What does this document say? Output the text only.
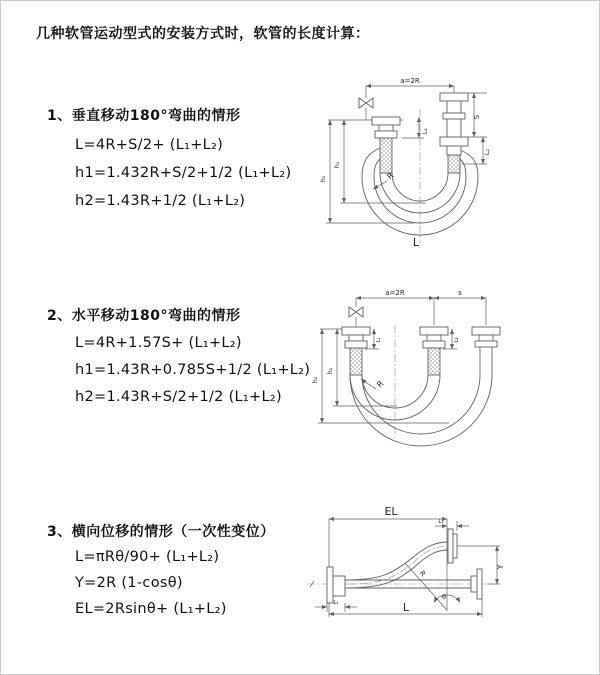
几种软管运动型式的安装方式时，软管的长度计算：
1、垂直移动180°弯曲的情形
L=4R+S/2+ (L₁+L₂)
h1=1.432R+S/2+1/2 (L₁+L₂)
h2=1.43R+1/2 (L₁+L₂)
2、水平移动180°弯曲的情形
L=4R+1.57S+ (L₁+L₂)
h1=1.43R+0.785S+1/2 (L₁+L₂)
h2=1.43R+S/2+1/2 (L₁+L₂)
3、横向位移的情形（一次性变位）
L=πRθ/90+ (L₁+L₂)
Y=2R (1-cosθ)
EL=2Rsinθ+ (L₁+L₂)
a=2R
L₁
S
L₂
h₁
h₂	R
L
a=2R	s
L₁	L₂
h₁
h₂	R
EL
L₂
R
Y
θ
L
L₁
